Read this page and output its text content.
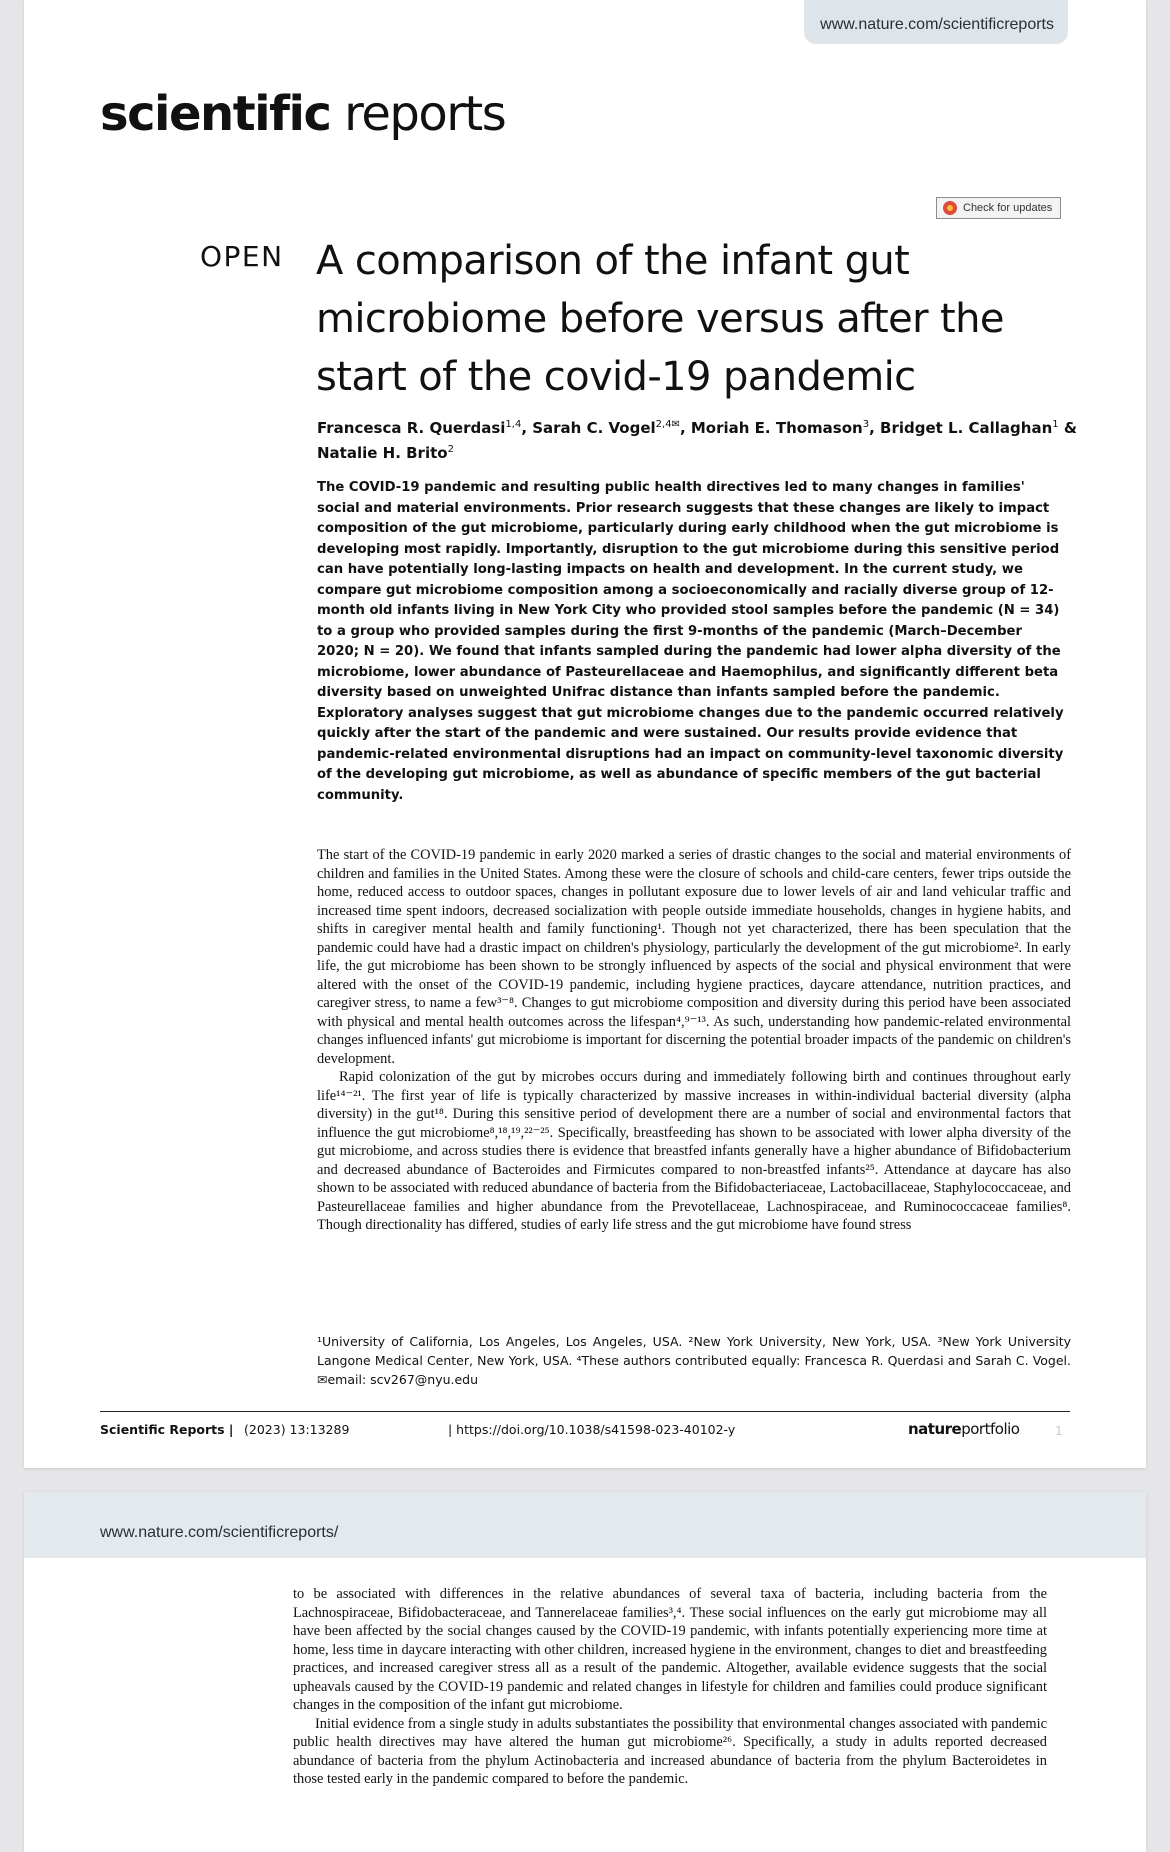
www.nature.com/scientificreports
scientific reports
Check for updates
OPEN A comparison of the infant gut microbiome before versus after the start of the covid-19 pandemic
Francesca R. Querdasi$^{1,4}$, Sarah C. Vogel$^{2,4✉}$, Moriah E. Thomason$^3$, Bridget L. Callaghan$^1$ & Natalie H. Brito$^2$

The COVID-19 pandemic and resulting public health directives led to many changes in families' social and material environments. Prior research suggests that these changes are likely to impact composition of the gut microbiome, particularly during early childhood when the gut microbiome is developing most rapidly. Importantly, disruption to the gut microbiome during this sensitive period can have potentially long-lasting impacts on health and development. In the current study, we compare gut microbiome composition among a socioeconomically and racially diverse group of 12-month old infants living in New York City who provided stool samples before the pandemic (N = 34) to a group who provided samples during the first 9-months of the pandemic (March–December 2020; N = 20). We found that infants sampled during the pandemic had lower alpha diversity of the microbiome, lower abundance of Pasteurellaceae and Haemophilus, and significantly different beta diversity based on unweighted Unifrac distance than infants sampled before the pandemic. Exploratory analyses suggest that gut microbiome changes due to the pandemic occurred relatively quickly after the start of the pandemic and were sustained. Our results provide evidence that pandemic-related environmental disruptions had an impact on community-level taxonomic diversity of the developing gut microbiome, as well as abundance of specific members of the gut bacterial community.

The start of the COVID-19 pandemic in early 2020 marked a series of drastic changes to the social and material environments of children and families in the United States. Among these were the closure of schools and child-care centers, fewer trips outside the home, reduced access to outdoor spaces, changes in pollutant exposure due to lower levels of air and land vehicular traffic and increased time spent indoors, decreased socialization with people outside immediate households, changes in hygiene habits, and shifts in caregiver mental health and family functioning¹. Though not yet characterized, there has been speculation that the pandemic could have had a drastic impact on children's physiology, particularly the development of the gut microbiome². In early life, the gut microbiome has been shown to be strongly influenced by aspects of the social and physical environment that were altered with the onset of the COVID-19 pandemic, including hygiene practices, daycare attendance, nutrition practices, and caregiver stress, to name a few³⁻⁸. Changes to gut microbiome composition and diversity during this period have been associated with physical and mental health outcomes across the lifespan⁴,⁹⁻¹³. As such, understanding how pandemic-related environmental changes influenced infants' gut microbiome is important for discerning the potential broader impacts of the pandemic on children's development.

Rapid colonization of the gut by microbes occurs during and immediately following birth and continues throughout early life¹⁴⁻²¹. The first year of life is typically characterized by massive increases in within-individual bacterial diversity (alpha diversity) in the gut¹⁸. During this sensitive period of development there are a number of social and environmental factors that influence the gut microbiome⁸,¹⁸,¹⁹,²²⁻²⁵. Specifically, breastfeeding has shown to be associated with lower alpha diversity of the gut microbiome, and across studies there is evidence that breastfed infants generally have a higher abundance of Bifidobacterium and decreased abundance of Bacteroides and Firmicutes compared to non-breastfed infants²⁵. Attendance at daycare has also shown to be associated with reduced abundance of bacteria from the Bifidobacteriaceae, Lactobacillaceae, Staphylococcaceae, and Pasteurellaceae families and higher abundance from the Prevotellaceae, Lachnospiraceae, and Ruminococcaceae families⁸. Though directionality has differed, studies of early life stress and the gut microbiome have found stress

¹University of California, Los Angeles, Los Angeles, USA. ²New York University, New York, USA. ³New York University Langone Medical Center, New York, USA. ⁴These authors contributed equally: Francesca R. Querdasi and Sarah C. Vogel. ✉email: scv267@nyu.edu
Scientific Reports | (2023) 13:13289	| https://doi.org/10.1038/s41598-023-40102-y	natureportfolio	1
www.nature.com/scientificreports/

to be associated with differences in the relative abundances of several taxa of bacteria, including bacteria from the Lachnospiraceae, Bifidobacteraceae, and Tannerelaceae families³,⁴. These social influences on the early gut microbiome may all have been affected by the social changes caused by the COVID-19 pandemic, with infants potentially experiencing more time at home, less time in daycare interacting with other children, increased hygiene in the environment, changes to diet and breastfeeding practices, and increased caregiver stress all as a result of the pandemic. Altogether, available evidence suggests that the social upheavals caused by the COVID-19 pandemic and related changes in lifestyle for children and families could produce significant changes in the composition of the infant gut microbiome.

Initial evidence from a single study in adults substantiates the possibility that environmental changes associated with pandemic public health directives may have altered the human gut microbiome²⁶. Specifically, a study in adults reported decreased abundance of bacteria from the phylum Actinobacteria and increased abundance of bacteria from the phylum Bacteroidetes in those tested early in the pandemic compared to before the pandemic.
